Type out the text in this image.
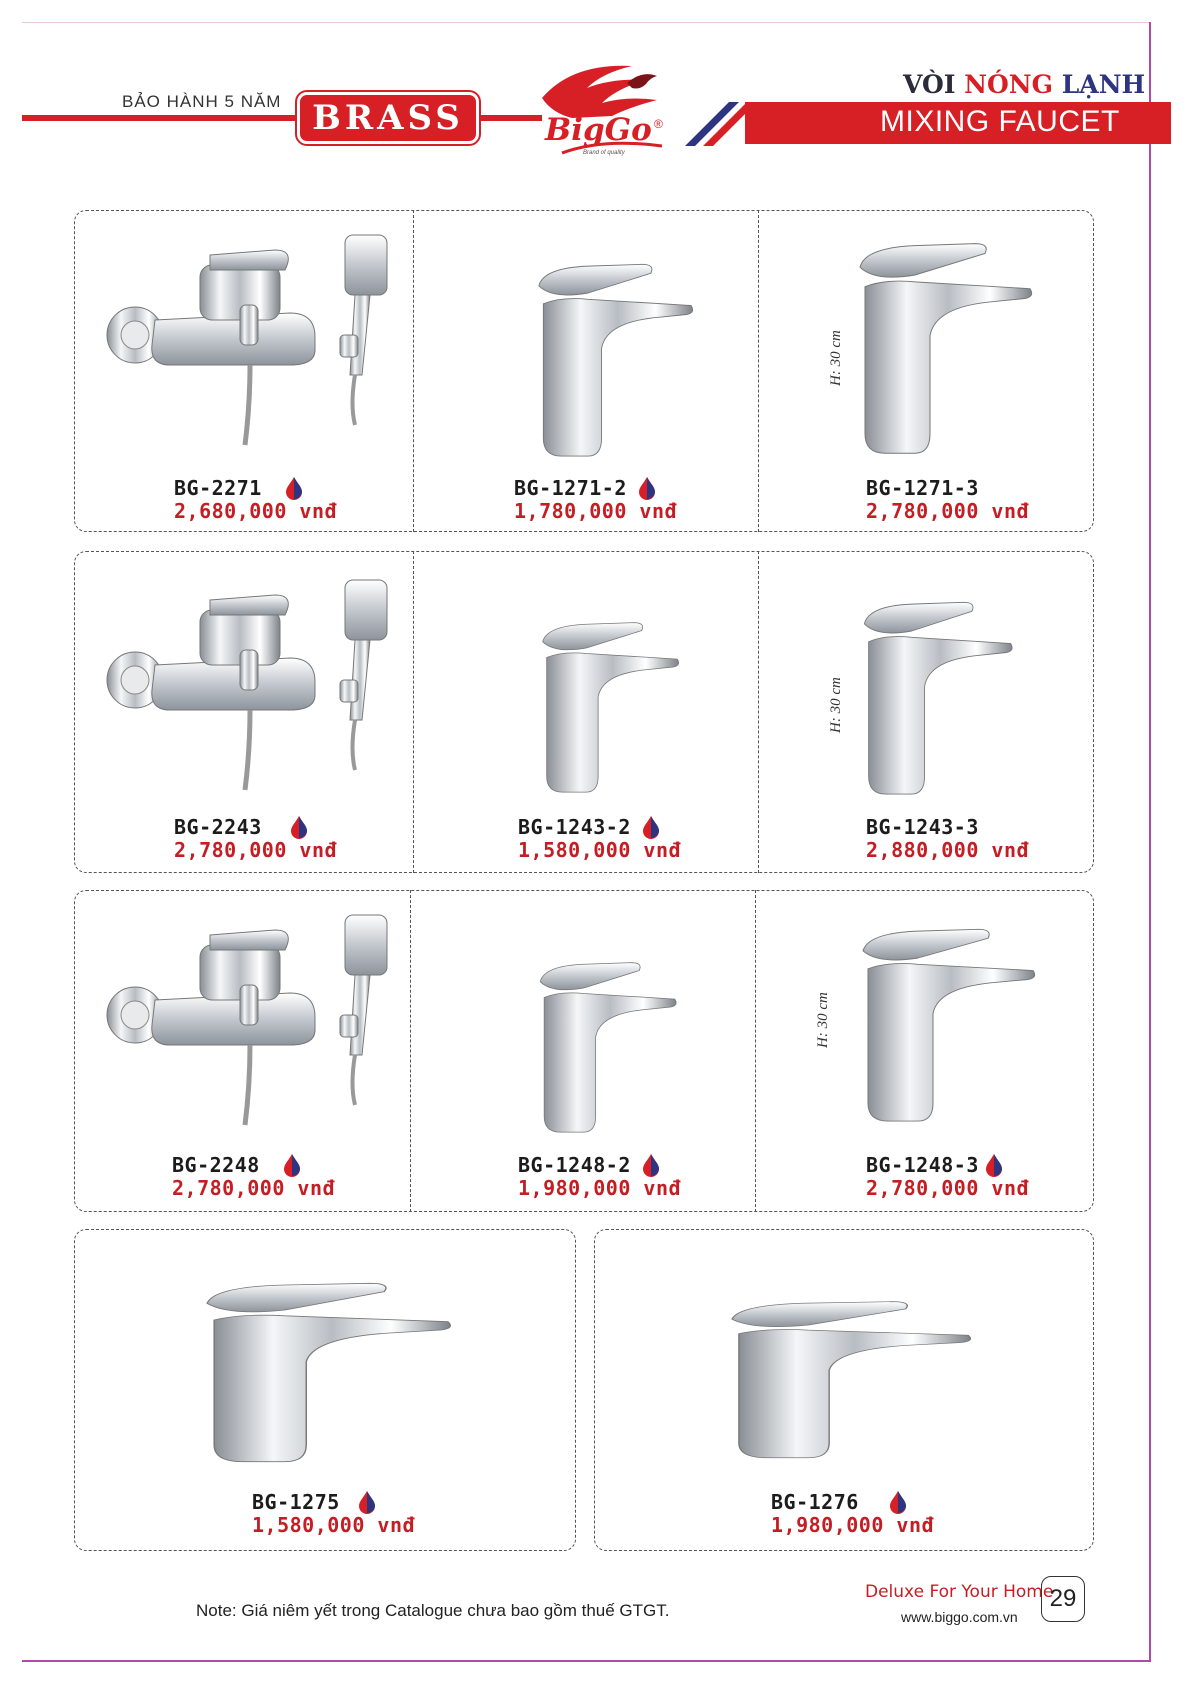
BẢO HÀNH 5 NĂM BRASS	BigGo ®
Brand of quality
VÒI NÓNG LẠNH
MIXING FAUCET
BG-2271
2,680,000 vnđ
BG-1271-2
1,780,000 vnđ
H: 30 cm
BG-1271-3
2,780,000 vnđ
BG-2243
2,780,000 vnđ
BG-1243-2
1,580,000 vnđ
H: 30 cm
BG-1243-3
2,880,000 vnđ
BG-2248
2,780,000 vnđ
BG-1248-2
1,980,000 vnđ
H: 30 cm
BG-1248-3
2,780,000 vnđ
BG-1275
1,580,000 vnđ
BG-1276
1,980,000 vnđ
Note: Giá niêm yết trong Catalogue chưa bao gồm thuế GTGT.
Deluxe For Your Home
www.biggo.com.vn
29
